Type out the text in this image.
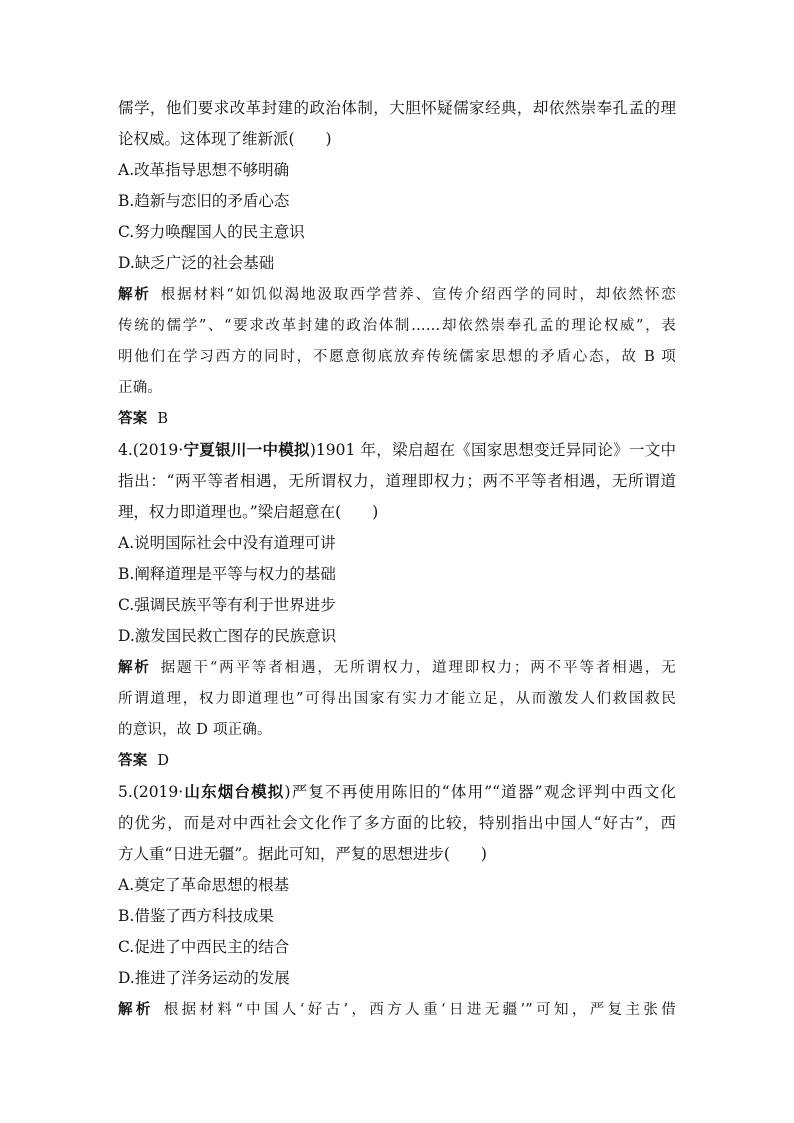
儒学，他们要求改革封建的政治体制，大胆怀疑儒家经典，却依然崇奉孔孟的理
论权威。这体现了维新派(　　)
A.改革指导思想不够明确
B.趋新与恋旧的矛盾心态
C.努力唤醒国人的民主意识
D.缺乏广泛的社会基础
解析 根据材料“如饥似渴地汲取西学营养、宣传介绍西学的同时，却依然怀恋
传统的儒学”、“要求改革封建的政治体制……却依然崇奉孔孟的理论权威”，表
明他们在学习西方的同时，不愿意彻底放弃传统儒家思想的矛盾心态，故 B 项
正确。
答案 B
4.(2019·宁夏银川一中模拟)1901 年，梁启超在《国家思想变迁异同论》一文中
指出：“两平等者相遇，无所谓权力，道理即权力；两不平等者相遇，无所谓道
理，权力即道理也。”梁启超意在(　　)
A.说明国际社会中没有道理可讲
B.阐释道理是平等与权力的基础
C.强调民族平等有利于世界进步
D.激发国民救亡图存的民族意识
解析 据题干“两平等者相遇，无所谓权力，道理即权力；两不平等者相遇，无
所谓道理，权力即道理也”可得出国家有实力才能立足，从而激发人们救国救民
的意识，故 D 项正确。
答案 D
5.(2019·山东烟台模拟)严复不再使用陈旧的“体用”“道器”观念评判中西文化
的优劣，而是对中西社会文化作了多方面的比较，特别指出中国人“好古”，西
方人重“日进无疆”。据此可知，严复的思想进步(　　)
A.奠定了革命思想的根基
B.借鉴了西方科技成果
C.促进了中西民主的结合
D.推进了洋务运动的发展
解析 根据材料“中国人‘好古’，西方人重‘日进无疆’”可知，严复主张借
